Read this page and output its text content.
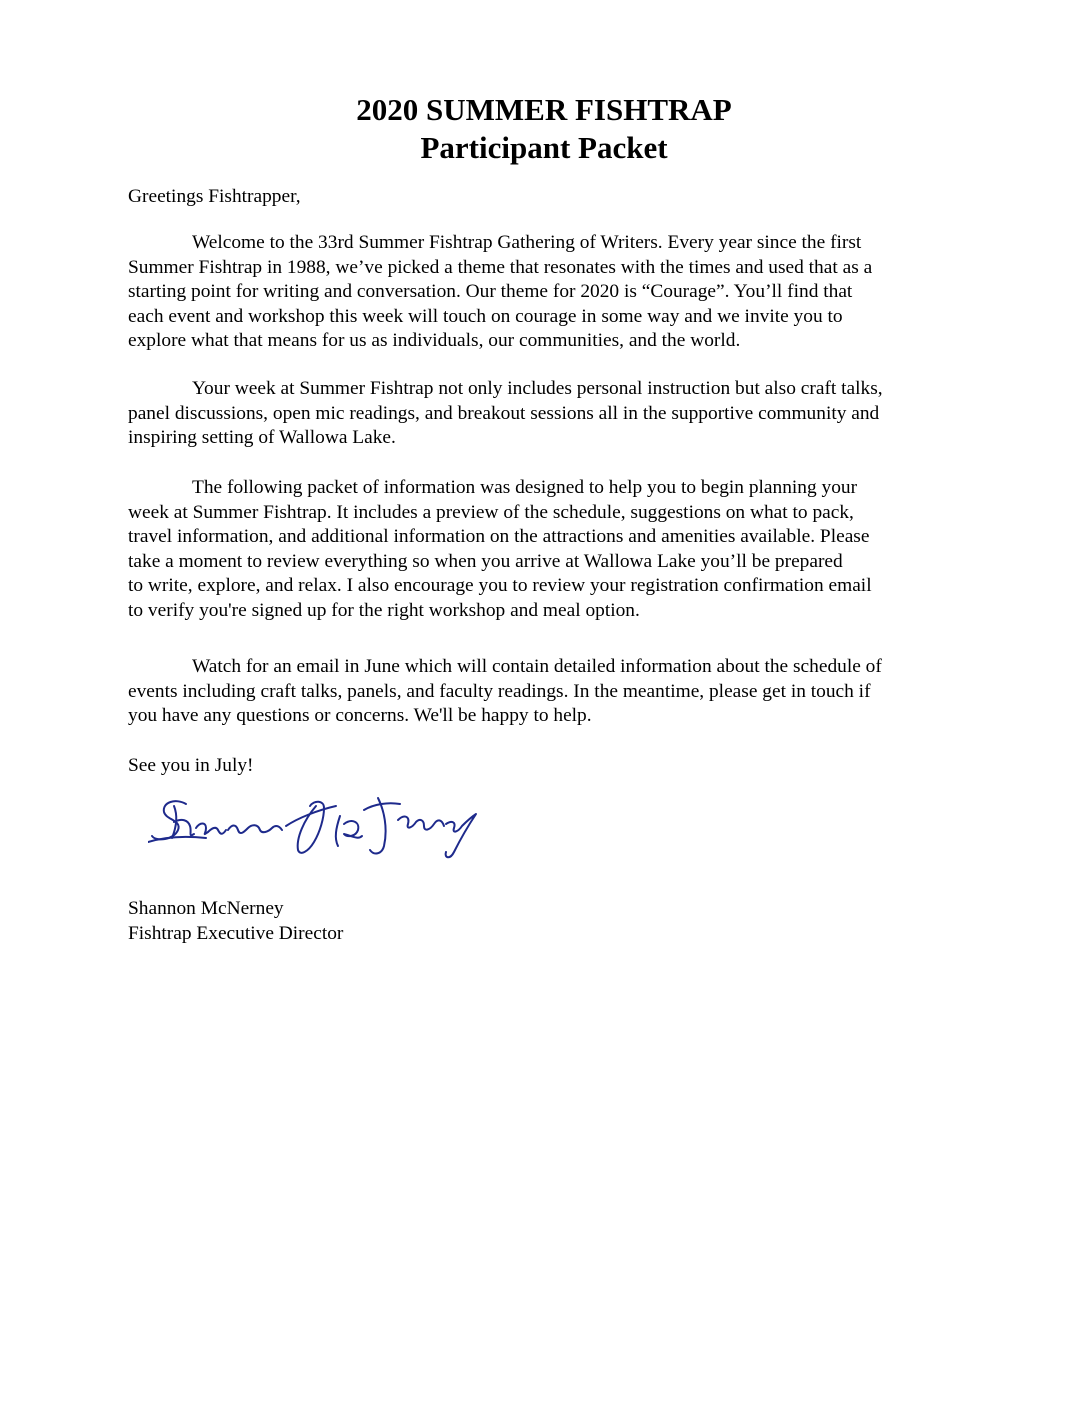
2020 SUMMER FISHTRAP
Participant Packet

Greetings Fishtrapper,

Welcome to the 33rd Summer Fishtrap Gathering of Writers. Every year since the first
Summer Fishtrap in 1988, we’ve picked a theme that resonates with the times and used that as a
starting point for writing and conversation. Our theme for 2020 is “Courage”. You’ll find that
each event and workshop this week will touch on courage in some way and we invite you to
explore what that means for us as individuals, our communities, and the world.

Your week at Summer Fishtrap not only includes personal instruction but also craft talks,
panel discussions, open mic readings, and breakout sessions all in the supportive community and
inspiring setting of Wallowa Lake.

The following packet of information was designed to help you to begin planning your
week at Summer Fishtrap. It includes a preview of the schedule, suggestions on what to pack,
travel information, and additional information on the attractions and amenities available. Please
take a moment to review everything so when you arrive at Wallowa Lake you’ll be prepared
to write, explore, and relax. I also encourage you to review your registration confirmation email
to verify you're signed up for the right workshop and meal option.

Watch for an email in June which will contain detailed information about the schedule of
events including craft talks, panels, and faculty readings. In the meantime, please get in touch if
you have any questions or concerns. We'll be happy to help.

See you in July!

Shannon McNerney
Fishtrap Executive Director
